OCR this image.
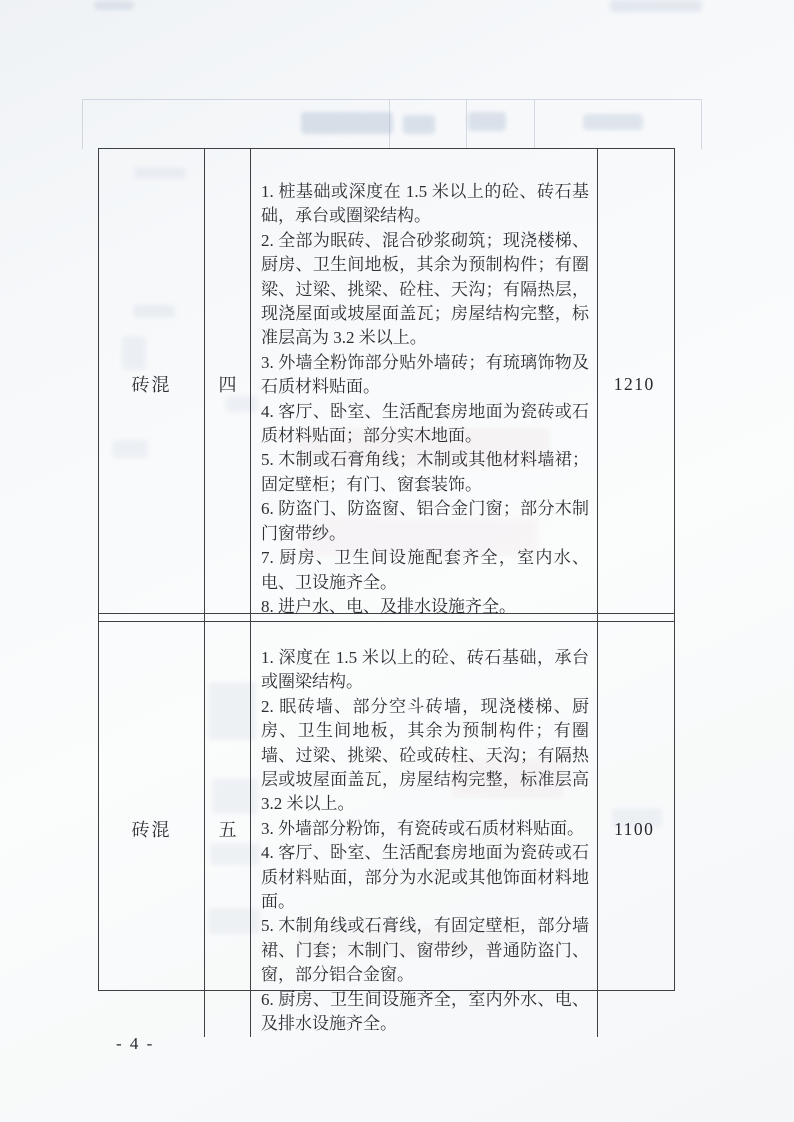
砖混	四

1. 桩基础或深度在 1.5 米以上的砼、砖石基础，承台或圈梁结构。

2. 全部为眠砖、混合砂浆砌筑；现浇楼梯、厨房、卫生间地板，其余为预制构件；有圈梁、过梁、挑梁、砼柱、天沟；有隔热层，现浇屋面或坡屋面盖瓦；房屋结构完整，标准层高为 3.2 米以上。

3. 外墙全粉饰部分贴外墙砖；有琉璃饰物及石质材料贴面。

4. 客厅、卧室、生活配套房地面为瓷砖或石质材料贴面；部分实木地面。

5. 木制或石膏角线；木制或其他材料墙裙；固定壁柜；有门、窗套装饰。

6. 防盗门、防盗窗、铝合金门窗；部分木制门窗带纱。

7. 厨房、卫生间设施配套齐全，室内水、电、卫设施齐全。

8. 进户水、电、及排水设施齐全。

1210
砖混	五

1. 深度在 1.5 米以上的砼、砖石基础，承台或圈梁结构。

2. 眠砖墙、部分空斗砖墙，现浇楼梯、厨房、卫生间地板，其余为预制构件；有圈墙、过梁、挑梁、砼或砖柱、天沟；有隔热层或坡屋面盖瓦，房屋结构完整，标准层高 3.2 米以上。

3. 外墙部分粉饰，有瓷砖或石质材料贴面。

4. 客厅、卧室、生活配套房地面为瓷砖或石质材料贴面，部分为水泥或其他饰面材料地面。

5. 木制角线或石膏线，有固定壁柜，部分墙裙、门套；木制门、窗带纱，普通防盗门、窗，部分铝合金窗。

6. 厨房、卫生间设施齐全，室内外水、电、及排水设施齐全。

1100
- 4 -
